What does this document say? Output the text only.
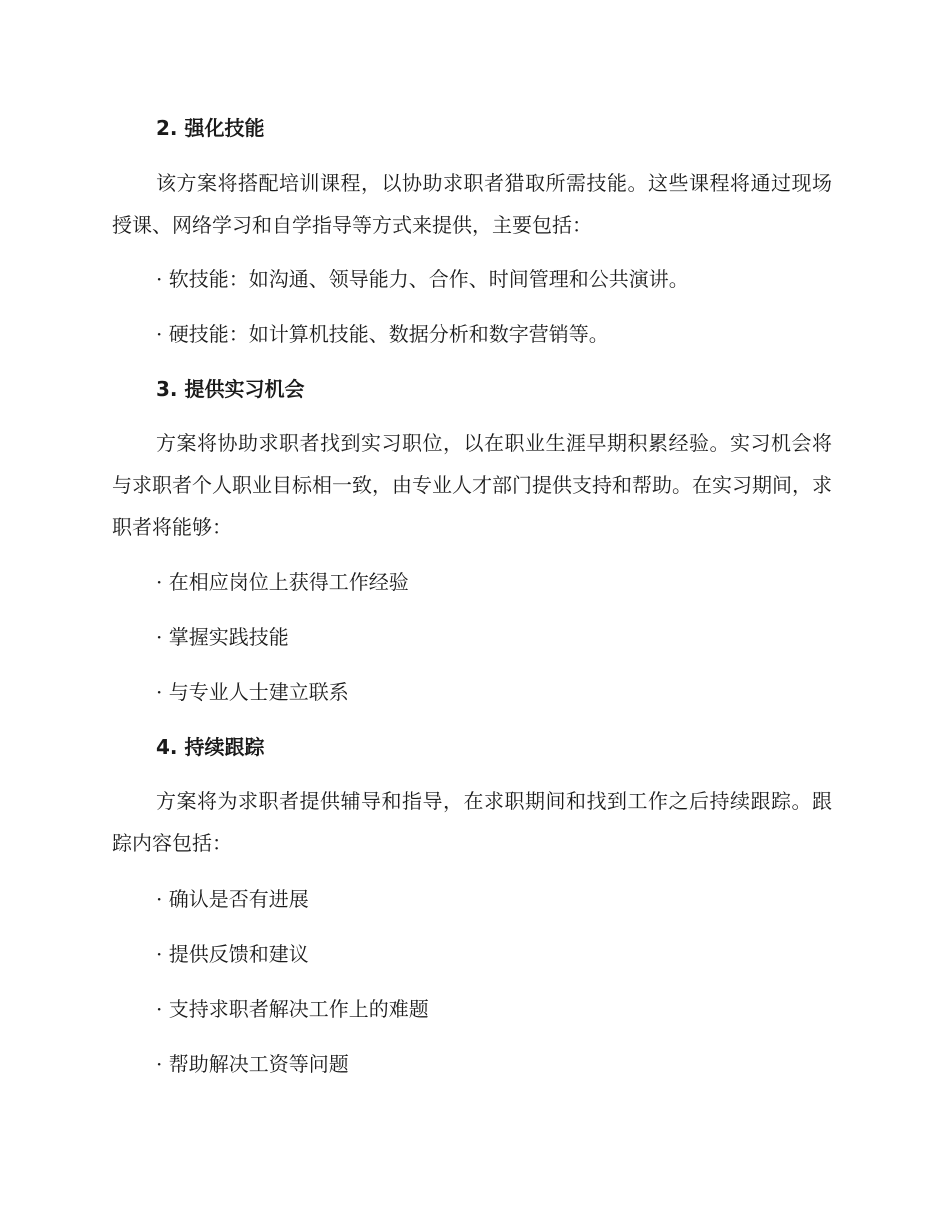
2. 强化技能
该方案将搭配培训课程，以协助求职者猎取所需技能。这些课程将通过现场授课、网络学习和自学指导等方式来提供，主要包括：
· 软技能：如沟通、领导能力、合作、时间管理和公共演讲。
· 硬技能：如计算机技能、数据分析和数字营销等。
3. 提供实习机会
方案将协助求职者找到实习职位，以在职业生涯早期积累经验。实习机会将与求职者个人职业目标相一致，由专业人才部门提供支持和帮助。在实习期间，求职者将能够：
· 在相应岗位上获得工作经验
· 掌握实践技能
· 与专业人士建立联系
4. 持续跟踪
方案将为求职者提供辅导和指导，在求职期间和找到工作之后持续跟踪。跟踪内容包括：
· 确认是否有进展
· 提供反馈和建议
· 支持求职者解决工作上的难题
· 帮助解决工资等问题
